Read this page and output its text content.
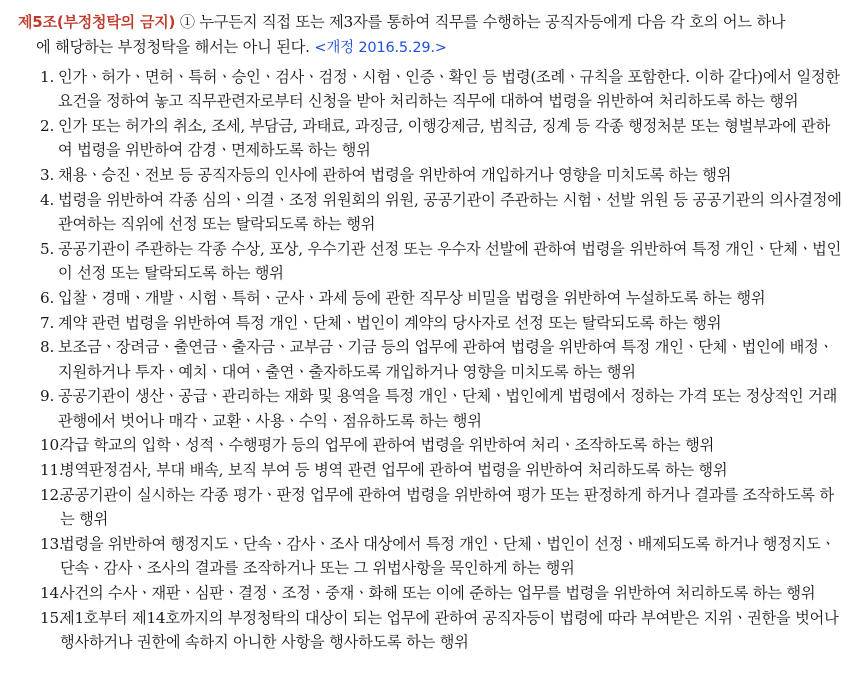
제5조(부정청탁의 금지) ① 누구든지 직접 또는 제3자를 통하여 직무를 수행하는 공직자등에게 다음 각 호의 어느 하나
에 해당하는 부정청탁을 해서는 아니 된다. <개정 2016.5.29.>

1. 인가ㆍ허가ㆍ면허ㆍ특허ㆍ승인ㆍ검사ㆍ검정ㆍ시험ㆍ인증ㆍ확인 등 법령(조례ㆍ규칙을 포함한다. 이하 같다)에서 일정한 요건을 정하여 놓고 직무관련자로부터 신청을 받아 처리하는 직무에 대하여 법령을 위반하여 처리하도록 하는 행위
2. 인가 또는 허가의 취소, 조세, 부담금, 과태료, 과징금, 이행강제금, 범칙금, 징계 등 각종 행정처분 또는 형벌부과에 관하여 법령을 위반하여 감경ㆍ면제하도록 하는 행위
3. 채용ㆍ승진ㆍ전보 등 공직자등의 인사에 관하여 법령을 위반하여 개입하거나 영향을 미치도록 하는 행위
4. 법령을 위반하여 각종 심의ㆍ의결ㆍ조정 위원회의 위원, 공공기관이 주관하는 시험ㆍ선발 위원 등 공공기관의 의사결정에 관여하는 직위에 선정 또는 탈락되도록 하는 행위
5. 공공기관이 주관하는 각종 수상, 포상, 우수기관 선정 또는 우수자 선발에 관하여 법령을 위반하여 특정 개인ㆍ단체ㆍ법인이 선정 또는 탈락되도록 하는 행위
6. 입찰ㆍ경매ㆍ개발ㆍ시험ㆍ특허ㆍ군사ㆍ과세 등에 관한 직무상 비밀을 법령을 위반하여 누설하도록 하는 행위
7. 계약 관련 법령을 위반하여 특정 개인ㆍ단체ㆍ법인이 계약의 당사자로 선정 또는 탈락되도록 하는 행위
8. 보조금ㆍ장려금ㆍ출연금ㆍ출자금ㆍ교부금ㆍ기금 등의 업무에 관하여 법령을 위반하여 특정 개인ㆍ단체ㆍ법인에 배정ㆍ지원하거나 투자ㆍ예치ㆍ대여ㆍ출연ㆍ출자하도록 개입하거나 영향을 미치도록 하는 행위
9. 공공기관이 생산ㆍ공급ㆍ관리하는 재화 및 용역을 특정 개인ㆍ단체ㆍ법인에게 법령에서 정하는 가격 또는 정상적인 거래관행에서 벗어나 매각ㆍ교환ㆍ사용ㆍ수익ㆍ점유하도록 하는 행위
10.
각급 학교의 입학ㆍ성적ㆍ수행평가 등의 업무에 관하여 법령을 위반하여 처리ㆍ조작하도록 하는 행위
11.
병역판정검사, 부대 배속, 보직 부여 등 병역 관련 업무에 관하여 법령을 위반하여 처리하도록 하는 행위
12.
공공기관이 실시하는 각종 평가ㆍ판정 업무에 관하여 법령을 위반하여 평가 또는 판정하게 하거나 결과를 조작하도록 하는 행위
13.
법령을 위반하여 행정지도ㆍ단속ㆍ감사ㆍ조사 대상에서 특정 개인ㆍ단체ㆍ법인이 선정ㆍ배제되도록 하거나 행정지도ㆍ단속ㆍ감사ㆍ조사의 결과를 조작하거나 또는 그 위법사항을 묵인하게 하는 행위
14.
사건의 수사ㆍ재판ㆍ심판ㆍ결정ㆍ조정ㆍ중재ㆍ화해 또는 이에 준하는 업무를 법령을 위반하여 처리하도록 하는 행위
15.
제1호부터 제14호까지의 부정청탁의 대상이 되는 업무에 관하여 공직자등이 법령에 따라 부여받은 지위ㆍ권한을 벗어나 행사하거나 권한에 속하지 아니한 사항을 행사하도록 하는 행위
